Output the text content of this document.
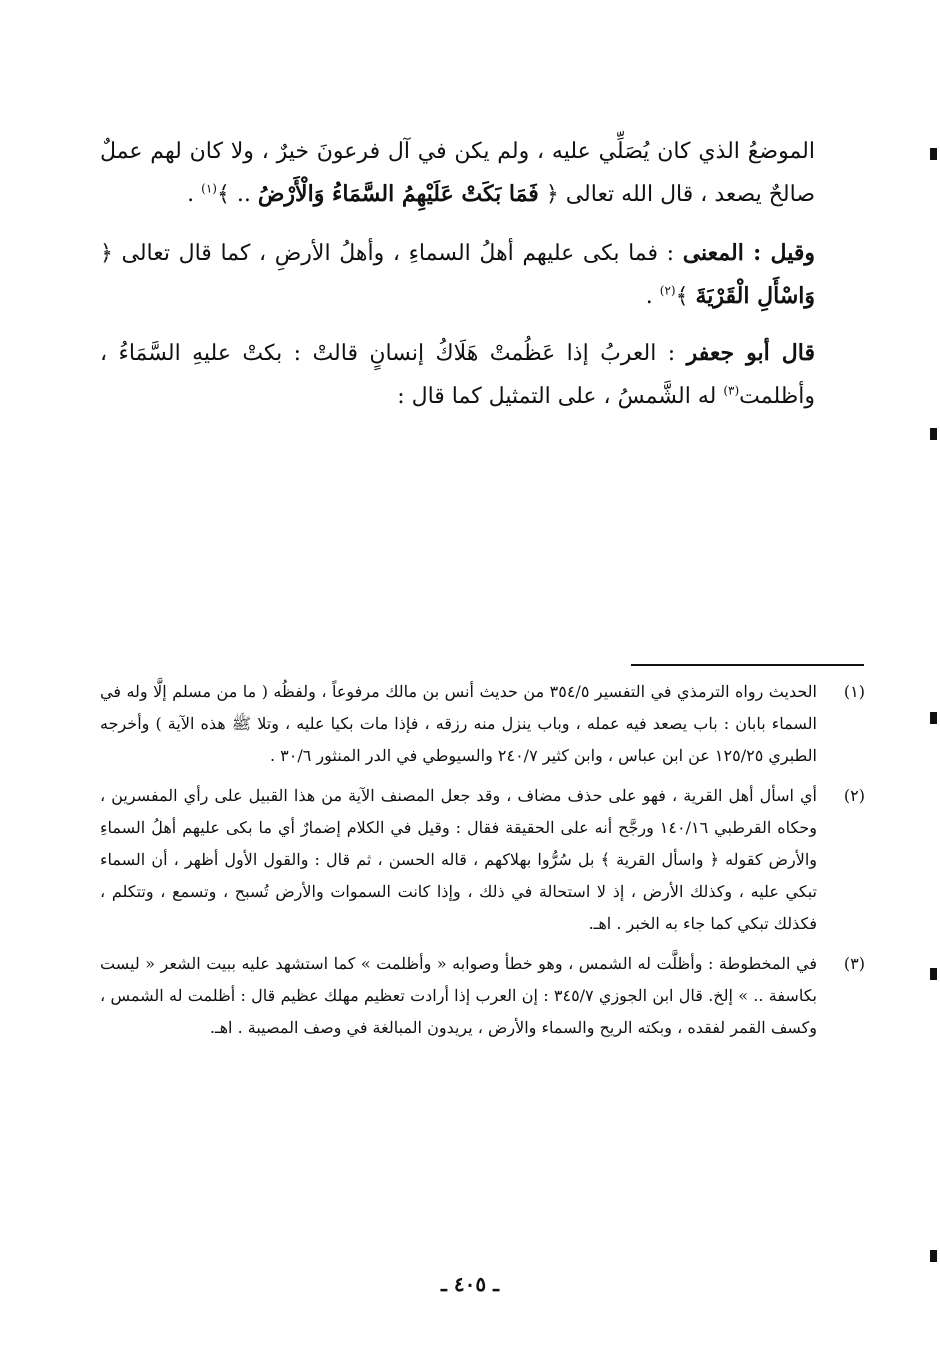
الموضعُ الذي كان يُصَلِّي عليه ، ولم يكن في آل فرعونَ خيرٌ ، ولا كان لهم عملٌ صالحٌ يصعد ، قال الله تعالى ﴿ فَمَا بَكَتْ عَلَيْهِمُ السَّمَاءُ وَالْأَرْضُ .. ﴾$^{(١)}$ .

وقيل : المعنى : فما بكى عليهم أهلُ السماءِ ، وأهلُ الأرضِ ، كما قال تعالى ﴿ وَاسْأَلِ الْقَرْيَةَ ﴾$^{(٢)}$ .

قال أبو جعفر : العربُ إذا عَظُمتْ هَلَاكُ إنسانٍ قالتْ : بكتْ عليهِ السَّمَاءُ ، وأظلمت$^{(٣)}$ له الشَّمسُ ، على التمثيل كما قال :

(١)
الحديث رواه الترمذي في التفسير ٣٥٤/٥ من حديث أنس بن مالك مرفوعاً ، ولفظُه ( ما من مسلم إلَّا وله في السماء بابان : باب يصعد فيه عمله ، وباب ينزل منه رزقه ، فإذا مات بكيا عليه ، وتلا ﷺ هذه الآية ) وأخرجه الطبري ١٢٥/٢٥ عن ابن عباس ، وابن كثير ٢٤٠/٧ والسيوطي في الدر المنثور ٣٠/٦ .
(٢)
أي اسأل أهل القرية ، فهو على حذف مضاف ، وقد جعل المصنف الآية من هذا القبيل على رأي المفسرين ، وحكاه القرطبي ١٤٠/١٦ ورجَّح أنه على الحقيقة فقال : وقيل في الكلام إضمارٌ أي ما بكى عليهم أهلُ السماءِ والأرض كقوله ﴿ واسأل القرية ﴾ بل سُرُّوا بهلاكهم ، قاله الحسن ، ثم قال : والقول الأول أظهر ، أن السماء تبكي عليه ، وكذلك الأرض ، إذ لا استحالة في ذلك ، وإذا كانت السموات والأرض تُسبح ، وتسمع ، وتتكلم ، فكذلك تبكي كما جاء به الخبر . اهـ.
(٣)
في المخطوطة : وأظلَّت له الشمس ، وهو خطأ وصوابه « وأظلمت » كما استشهد عليه ببيت الشعر « ليست بكاسفة .. » إلخ. قال ابن الجوزي ٣٤٥/٧ : إن العرب إذا أرادت تعظيم مهلك عظيم قال : أظلمت له الشمس ، وكسف القمر لفقده ، وبكته الريح والسماء والأرض ، يريدون المبالغة في وصف المصيبة . اهـ.
ـ ٤٠٥ ـ
